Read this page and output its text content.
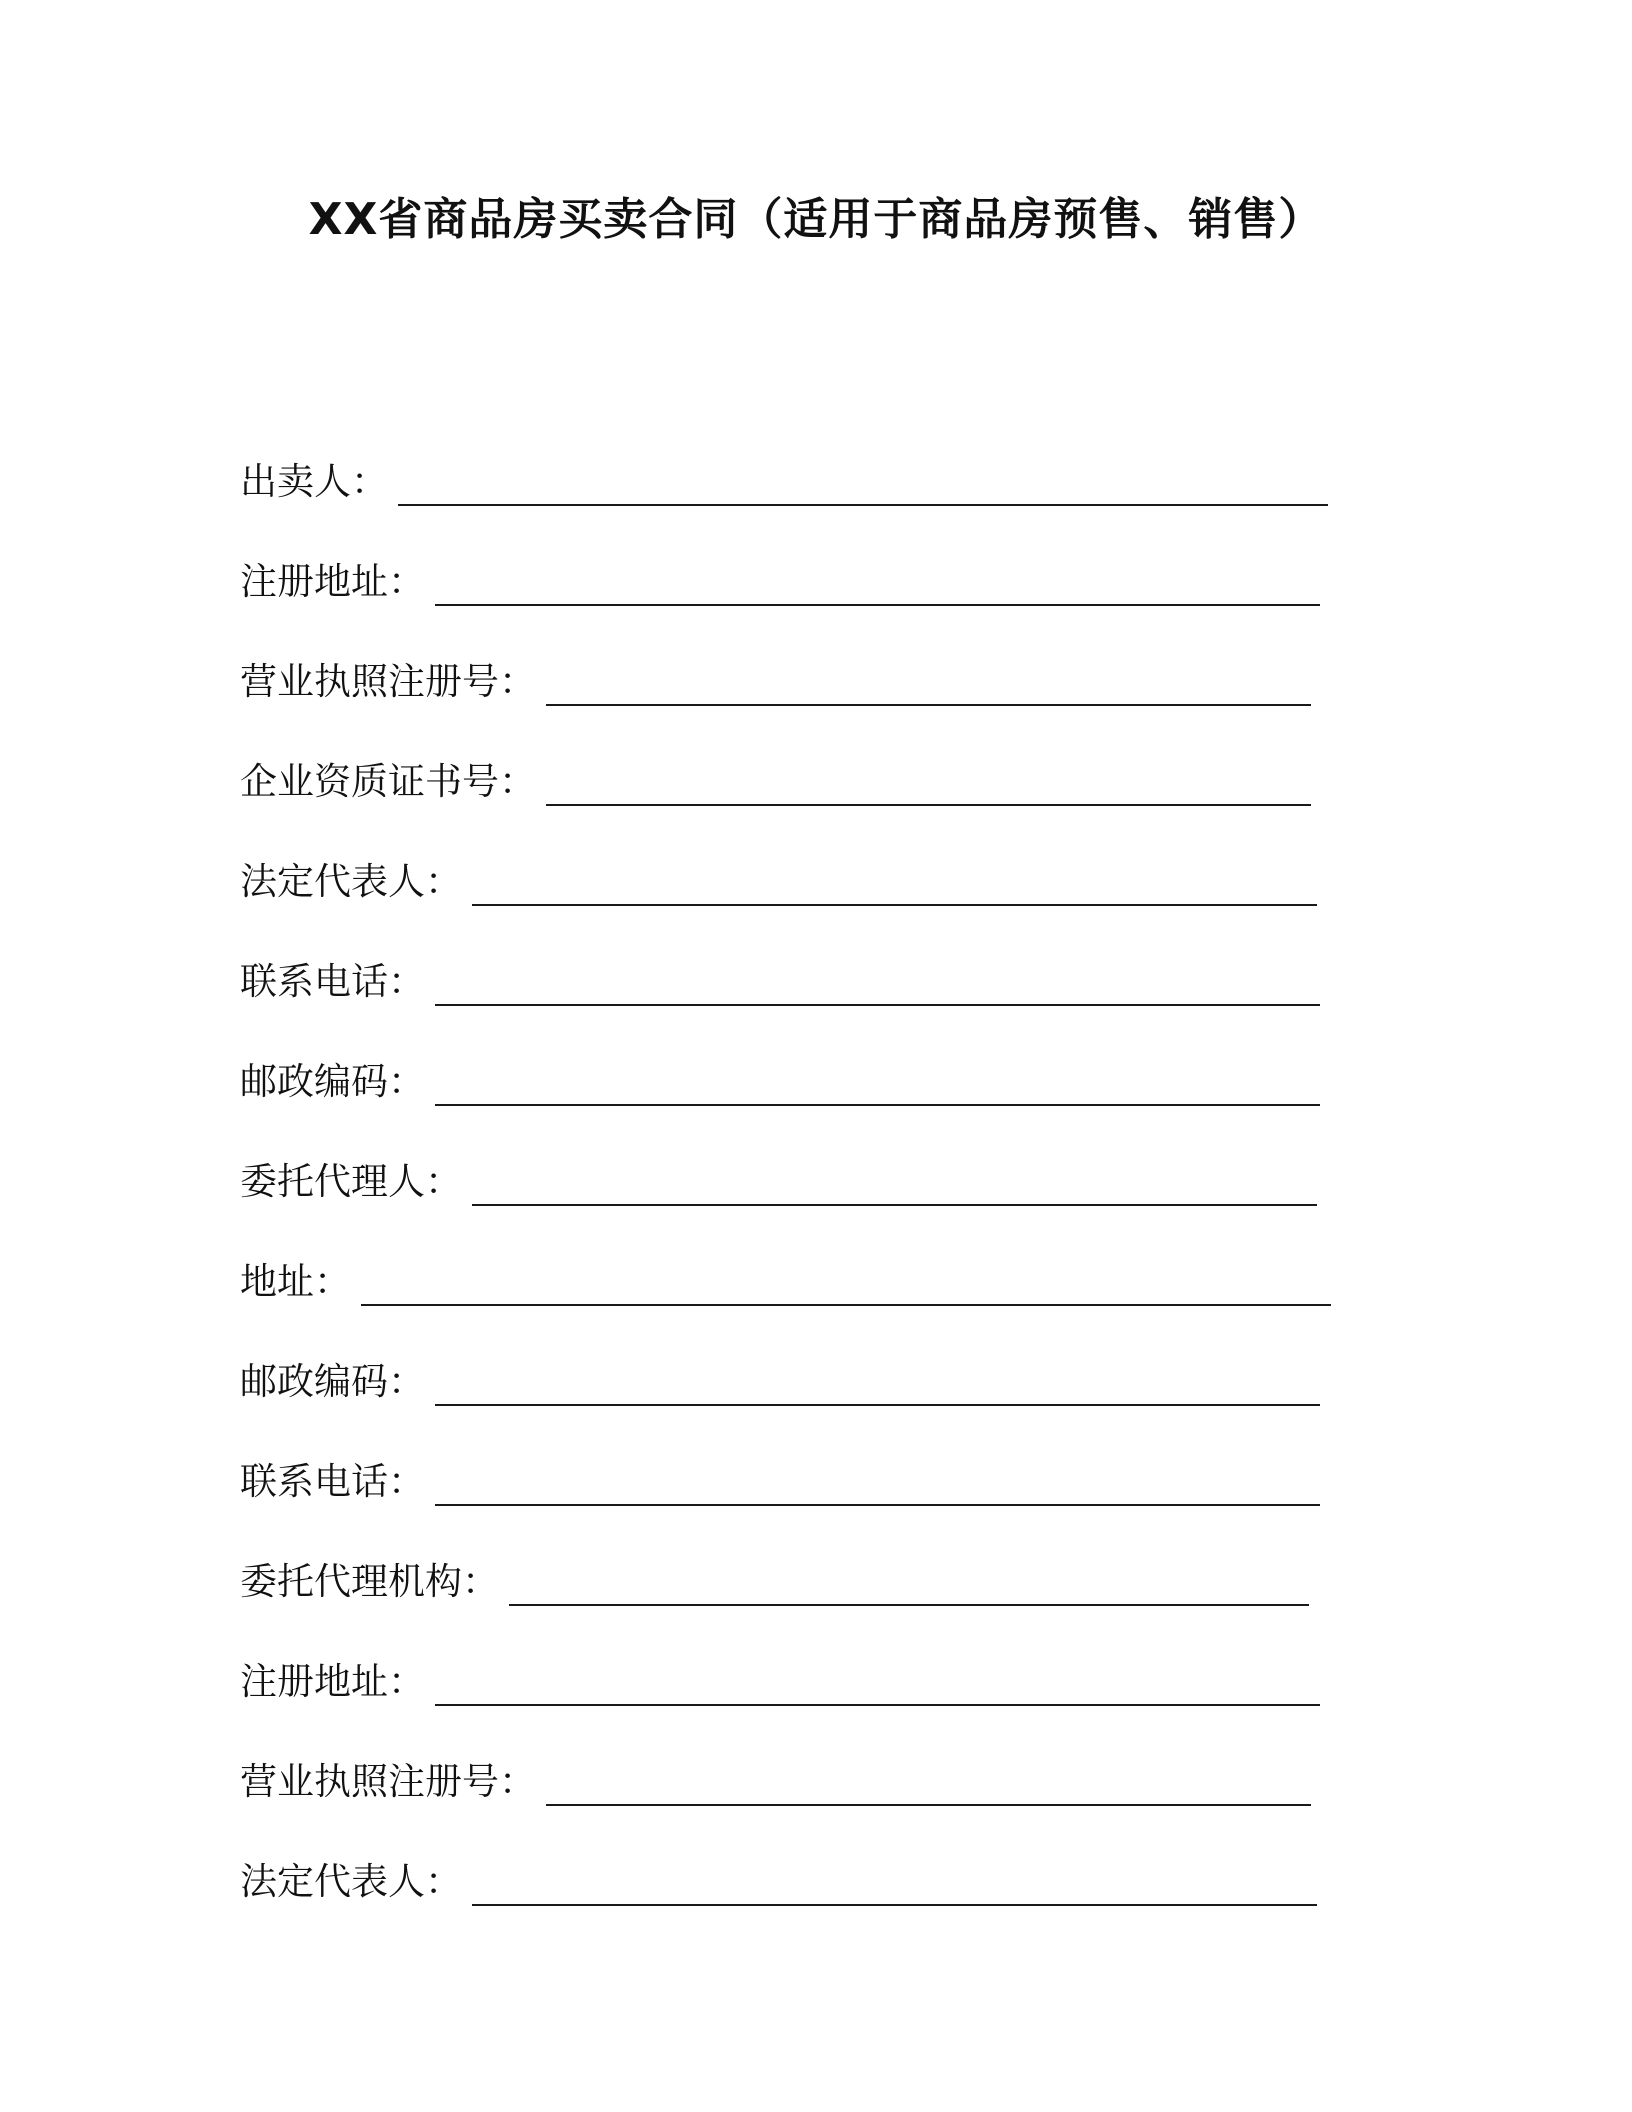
XX省商品房买卖合同（适用于商品房预售、销售）
出卖人：
注册地址：
营业执照注册号：
企业资质证书号：
法定代表人：
联系电话：
邮政编码：
委托代理人：
地址：
邮政编码：
联系电话：
委托代理机构：
注册地址：
营业执照注册号：
法定代表人：
